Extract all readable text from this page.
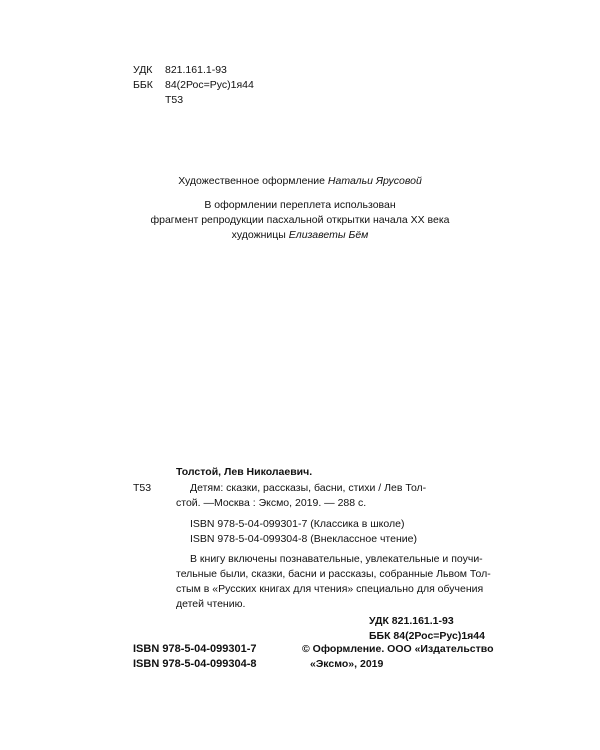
УДК 821.161.1-93
ББК 84(2Рос=Рус)1я44
Т53
Художественное оформление Натальи Ярусовой
В оформлении переплета использован
фрагмент репродукции пасхальной открытки начала XX века
художницы Елизаветы Бём
Толстой, Лев Николаевич.
Т53	Детям: сказки, рассказы, басни, стихи / Лев Тол-
стой. —Москва : Эксмо, 2019. — 288 с.
ISBN 978-5-04-099301-7 (Классика в школе)
ISBN 978-5-04-099304-8 (Внеклассное чтение)
В книгу включены познавательные, увлекательные и поучи-
тельные были, сказки, басни и рассказы, собранные Львом Тол-
стым в «Русских книгах для чтения» специально для обучения
детей чтению.
УДК 821.161.1-93
ББК 84(2Рос=Рус)1я44
ISBN 978-5-04-099301-7
ISBN 978-5-04-099304-8
© Оформление. ООО «Издательство
«Эксмо», 2019
